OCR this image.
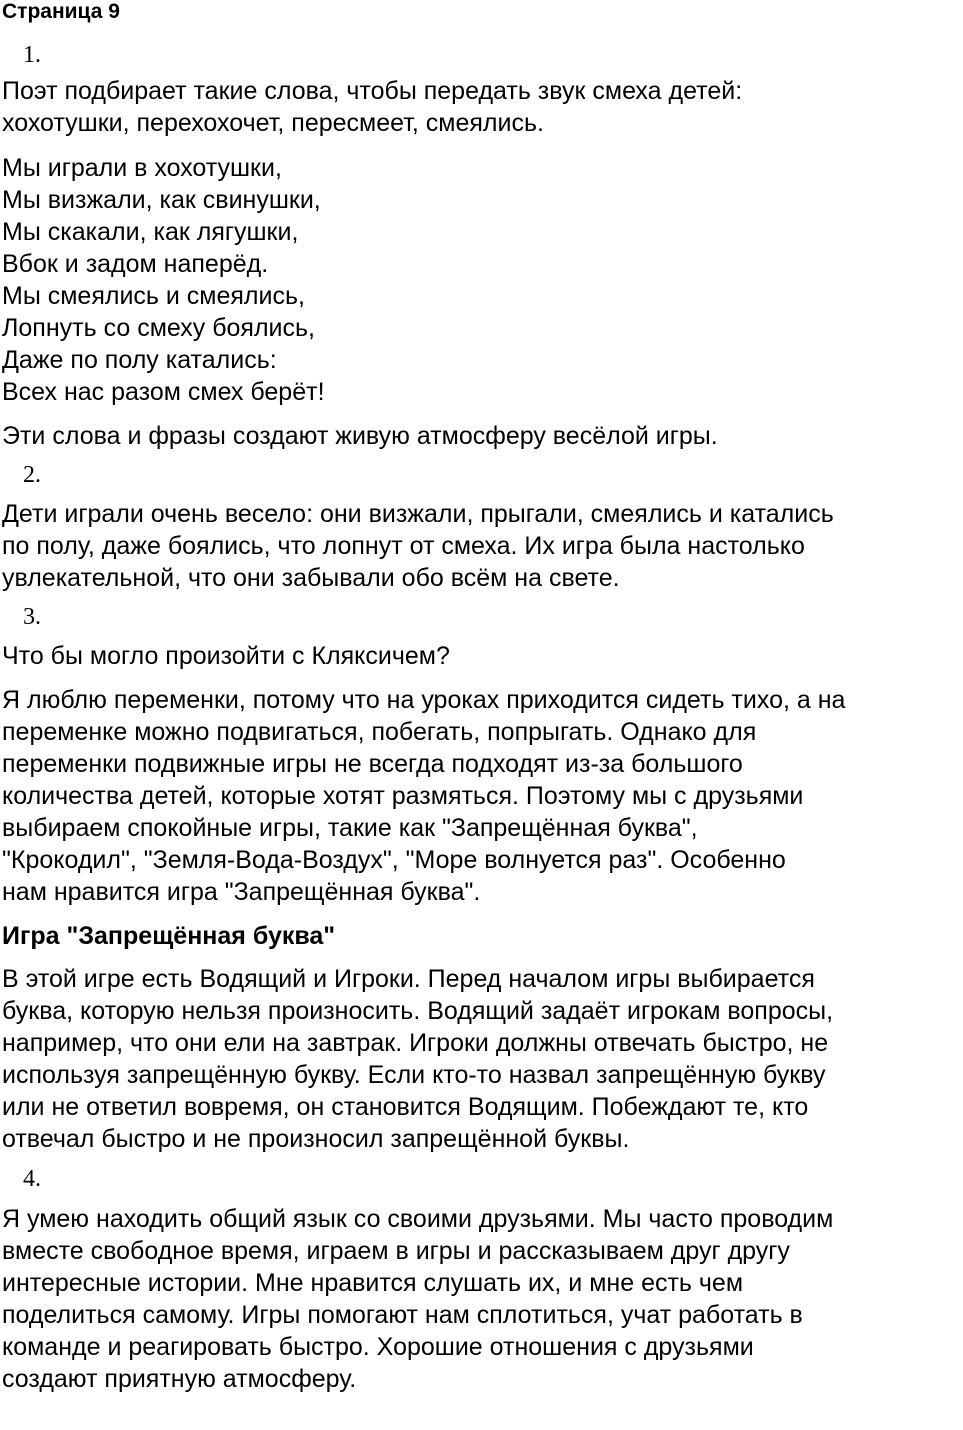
Страница 9

1.

Поэт подбирает такие слова, чтобы передать звук смеха детей:
хохотушки, перехохочет, пересмеет, смеялись.

Мы играли в хохотушки,
Мы визжали, как свинушки,
Мы скакали, как лягушки,
Вбок и задом наперёд.
Мы смеялись и смеялись,
Лопнуть со смеху боялись,
Даже по полу катались:
Всех нас разом смех берёт!

Эти слова и фразы создают живую атмосферу весёлой игры.

2.

Дети играли очень весело: они визжали, прыгали, смеялись и катались
по полу, даже боялись, что лопнут от смеха. Их игра была настолько
увлекательной, что они забывали обо всём на свете.

3.

Что бы могло произойти с Кляксичем?

Я люблю переменки, потому что на уроках приходится сидеть тихо, а на
переменке можно подвигаться, побегать, попрыгать. Однако для
переменки подвижные игры не всегда подходят из-за большого
количества детей, которые хотят размяться. Поэтому мы с друзьями
выбираем спокойные игры, такие как "Запрещённая буква",
"Крокодил", "Земля-Вода-Воздух", "Море волнуется раз". Особенно
нам нравится игра "Запрещённая буква".

Игра "Запрещённая буква"

В этой игре есть Водящий и Игроки. Перед началом игры выбирается
буква, которую нельзя произносить. Водящий задаёт игрокам вопросы,
например, что они ели на завтрак. Игроки должны отвечать быстро, не
используя запрещённую букву. Если кто-то назвал запрещённую букву
или не ответил вовремя, он становится Водящим. Побеждают те, кто
отвечал быстро и не произносил запрещённой буквы.

4.

Я умею находить общий язык со своими друзьями. Мы часто проводим
вместе свободное время, играем в игры и рассказываем друг другу
интересные истории. Мне нравится слушать их, и мне есть чем
поделиться самому. Игры помогают нам сплотиться, учат работать в
команде и реагировать быстро. Хорошие отношения с друзьями
создают приятную атмосферу.
